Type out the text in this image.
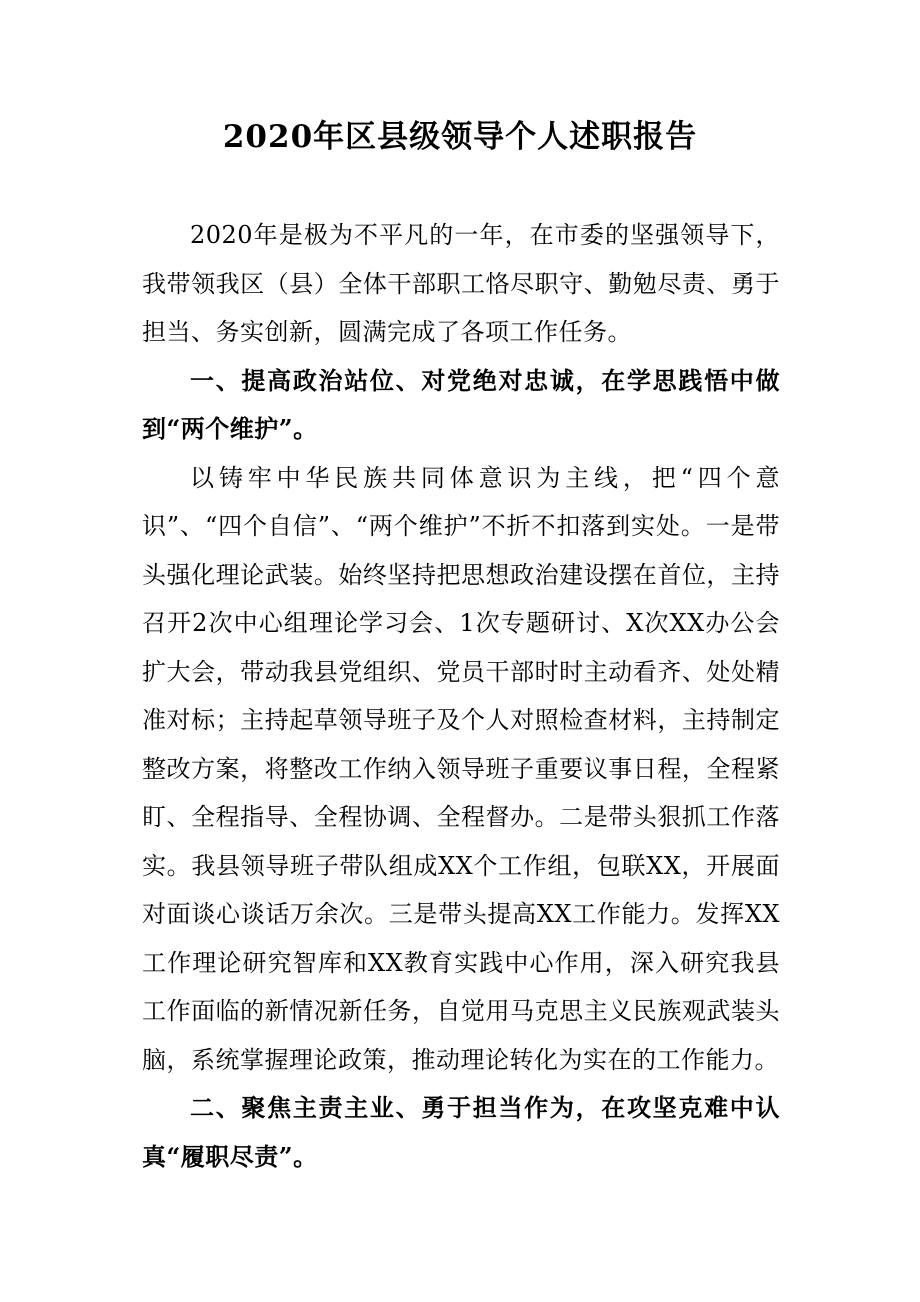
2020年区县级领导个人述职报告

2020年是极为不平凡的一年，在市委的坚强领导下，我带领我区（县）全体干部职工恪尽职守、勤勉尽责、勇于担当、务实创新，圆满完成了各项工作任务。

一、提高政治站位、对党绝对忠诚，在学思践悟中做到“两个维护”。

以铸牢中华民族共同体意识为主线，把“四个意识”、“四个自信”、“两个维护”不折不扣落到实处。一是带头强化理论武装。始终坚持把思想政治建设摆在首位，主持召开2次中心组理论学习会、1次专题研讨、X次XX办公会扩大会，带动我县党组织、党员干部时时主动看齐、处处精准对标；主持起草领导班子及个人对照检查材料，主持制定整改方案，将整改工作纳入领导班子重要议事日程，全程紧盯、全程指导、全程协调、全程督办。二是带头狠抓工作落实。我县领导班子带队组成XX个工作组，包联XX，开展面对面谈心谈话万余次。三是带头提高XX工作能力。发挥XX工作理论研究智库和XX教育实践中心作用，深入研究我县工作面临的新情况新任务，自觉用马克思主义民族观武装头脑，系统掌握理论政策，推动理论转化为实在的工作能力。

二、聚焦主责主业、勇于担当作为，在攻坚克难中认真“履职尽责”。
